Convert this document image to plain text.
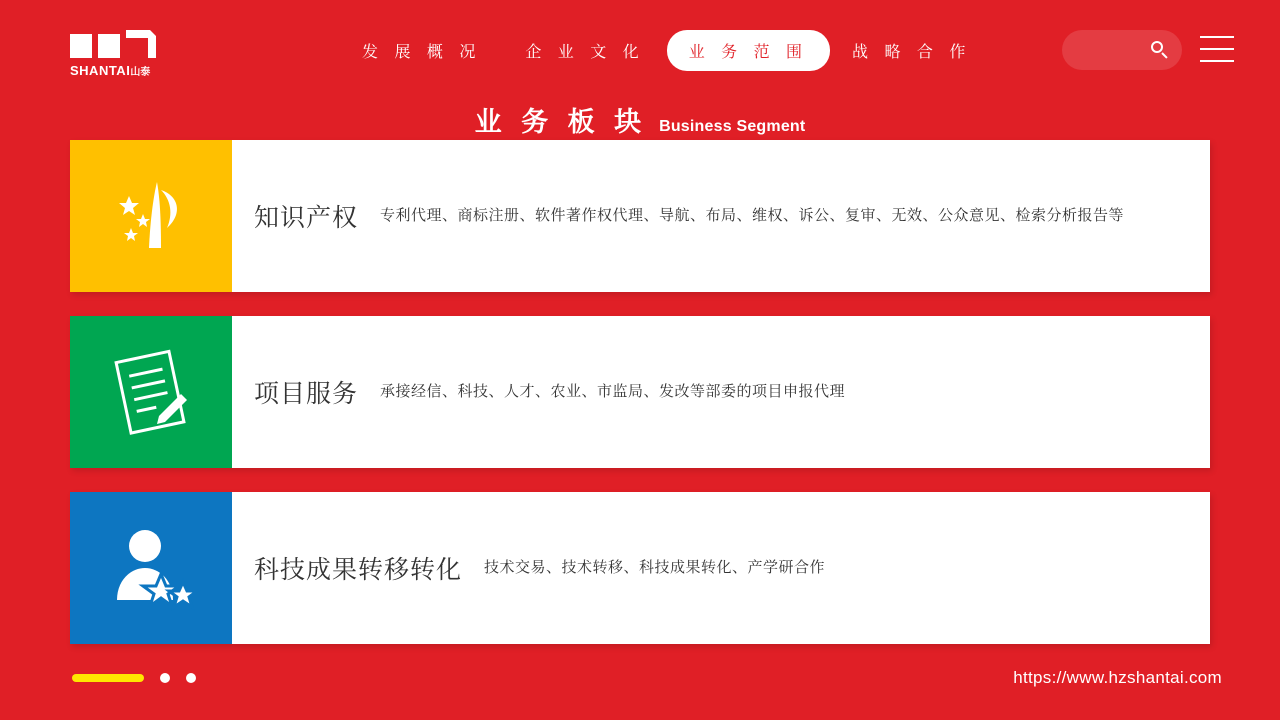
SHANTAI山泰
发 展 概 况	企 业 文 化	业 务 范 围	战 略 合 作
业 务 板 块 Business Segment
知识产权 专利代理、商标注册、软件著作权代理、导航、布局、维权、诉公、复审、无效、公众意见、检索分析报告等
项目服务 承接经信、科技、人才、农业、市监局、发改等部委的项目申报代理
科技成果转移转化 技术交易、技术转移、科技成果转化、产学研合作
https://www.hzshantai.com
